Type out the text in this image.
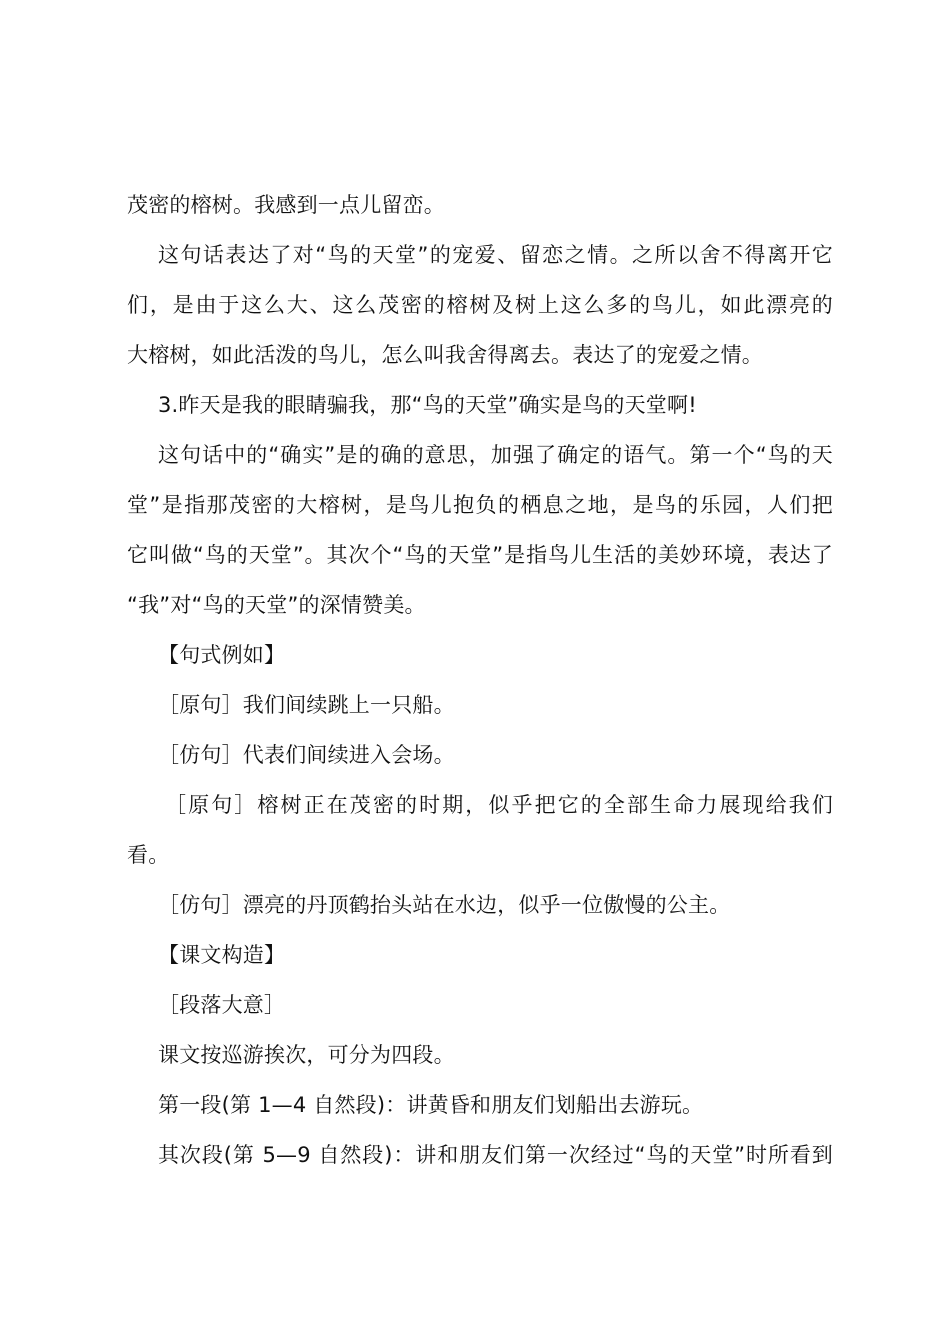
茂密的榕树。我感到一点儿留峦。
这句话表达了对“鸟的天堂”的宠爱、留恋之情。之所以舍不得离开它
们，是由于这么大、这么茂密的榕树及树上这么多的鸟儿，如此漂亮的
大榕树，如此活泼的鸟儿，怎么叫我舍得离去。表达了的宠爱之情。
3.昨天是我的眼睛骗我，那“鸟的天堂”确实是鸟的天堂啊!
这句话中的“确实”是的确的意思，加强了确定的语气。第一个“鸟的天
堂”是指那茂密的大榕树，是鸟儿抱负的栖息之地，是鸟的乐园，人们把
它叫做“鸟的天堂”。其次个“鸟的天堂”是指鸟儿生活的美妙环境，表达了
“我”对“鸟的天堂”的深情赞美。
【句式例如】
［原句］我们间续跳上一只船。
［仿句］代表们间续进入会场。
［原句］榕树正在茂密的时期，似乎把它的全部生命力展现给我们
看。
［仿句］漂亮的丹顶鹤抬头站在水边，似乎一位傲慢的公主。
【课文构造】
［段落大意］
课文按巡游挨次，可分为四段。
第一段(第 1—4 自然段)：讲黄昏和朋友们划船出去游玩。
其次段(第 5—9 自然段)：讲和朋友们第一次经过“鸟的天堂”时所看到
